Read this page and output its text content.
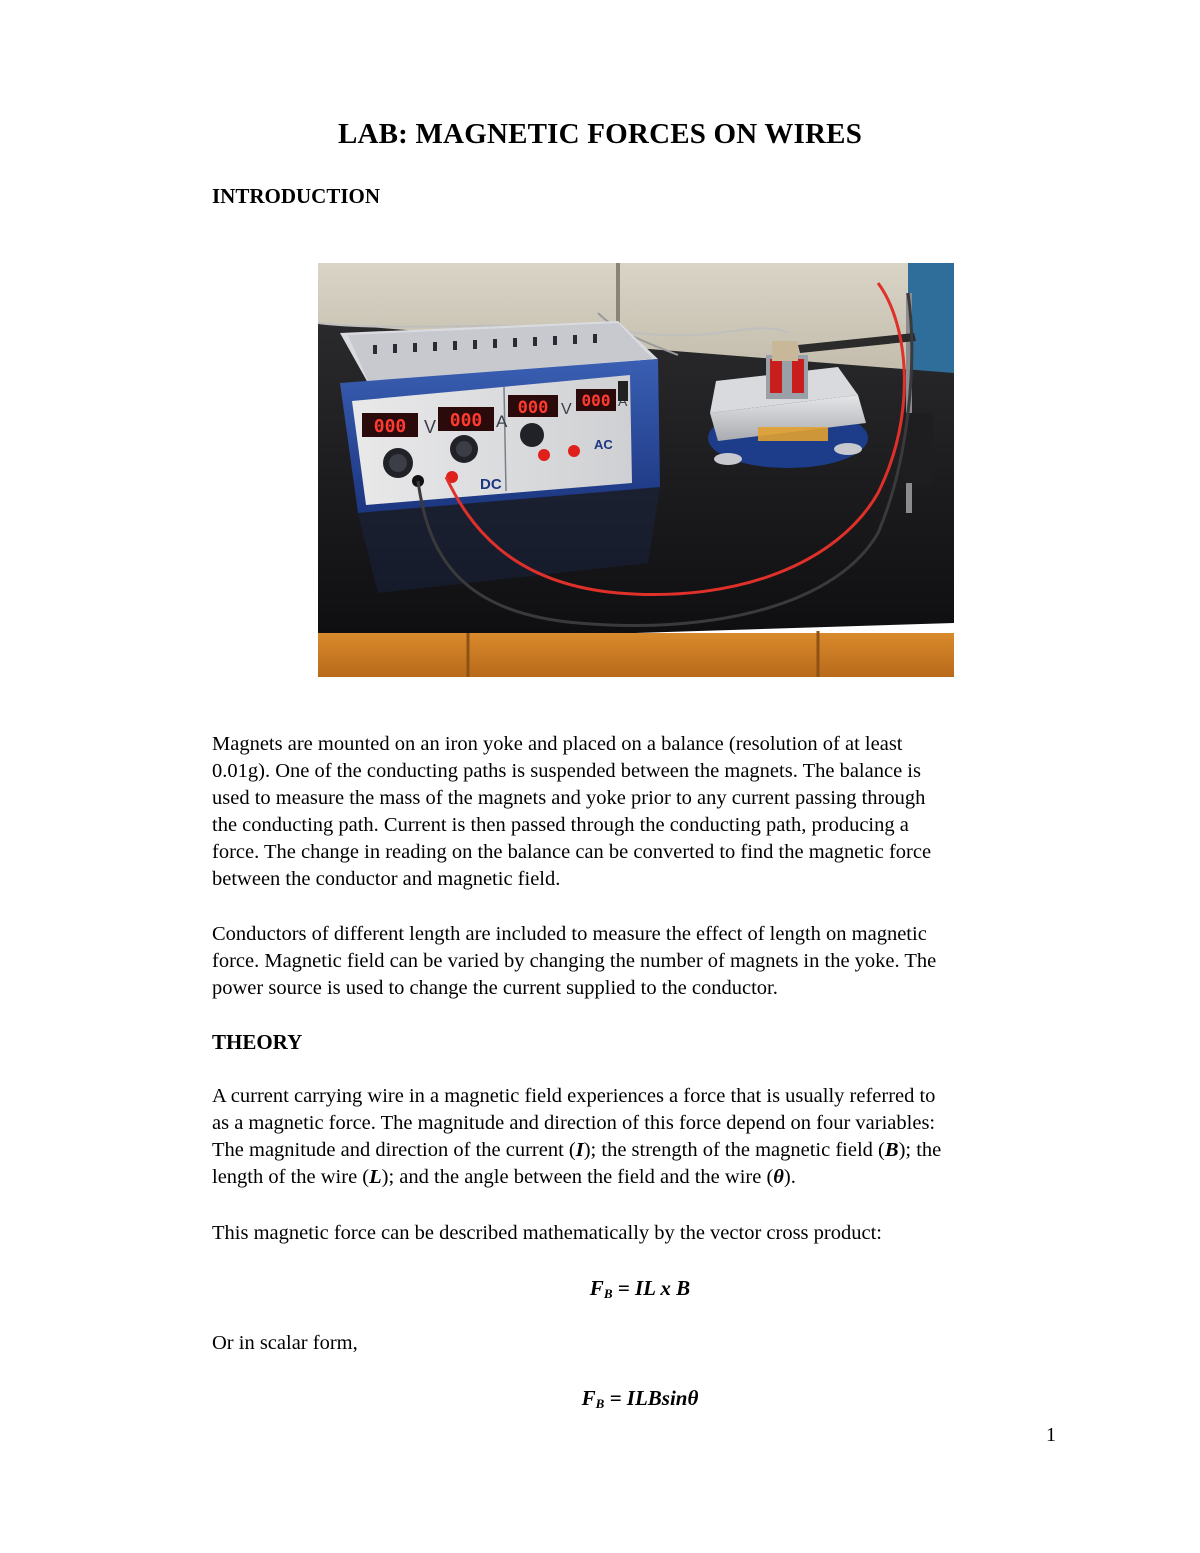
LAB: MAGNETIC FORCES ON WIRES
INTRODUCTION
000 V 000 A
000 V 000
DC
AC

Magnets are mounted on an iron yoke and placed on a balance (resolution of at least
0.01g). One of the conducting paths is suspended between the magnets. The balance is
used to measure the mass of the magnets and yoke prior to any current passing through
the conducting path. Current is then passed through the conducting path, producing a
force. The change in reading on the balance can be converted to find the magnetic force
between the conductor and magnetic field.

Conductors of different length are included to measure the effect of length on magnetic
force. Magnetic field can be varied by changing the number of magnets in the yoke. The
power source is used to change the current supplied to the conductor.

THEORY

A current carrying wire in a magnetic field experiences a force that is usually referred to
as a magnetic force. The magnitude and direction of this force depend on four variables:
The magnitude and direction of the current (I); the strength of the magnetic field (B); the
length of the wire (L); and the angle between the field and the wire (θ).

This magnetic force can be described mathematically by the vector cross product:

$F_B$ = IL x B

Or in scalar form,

$F_B = ILBsin\theta$
1
